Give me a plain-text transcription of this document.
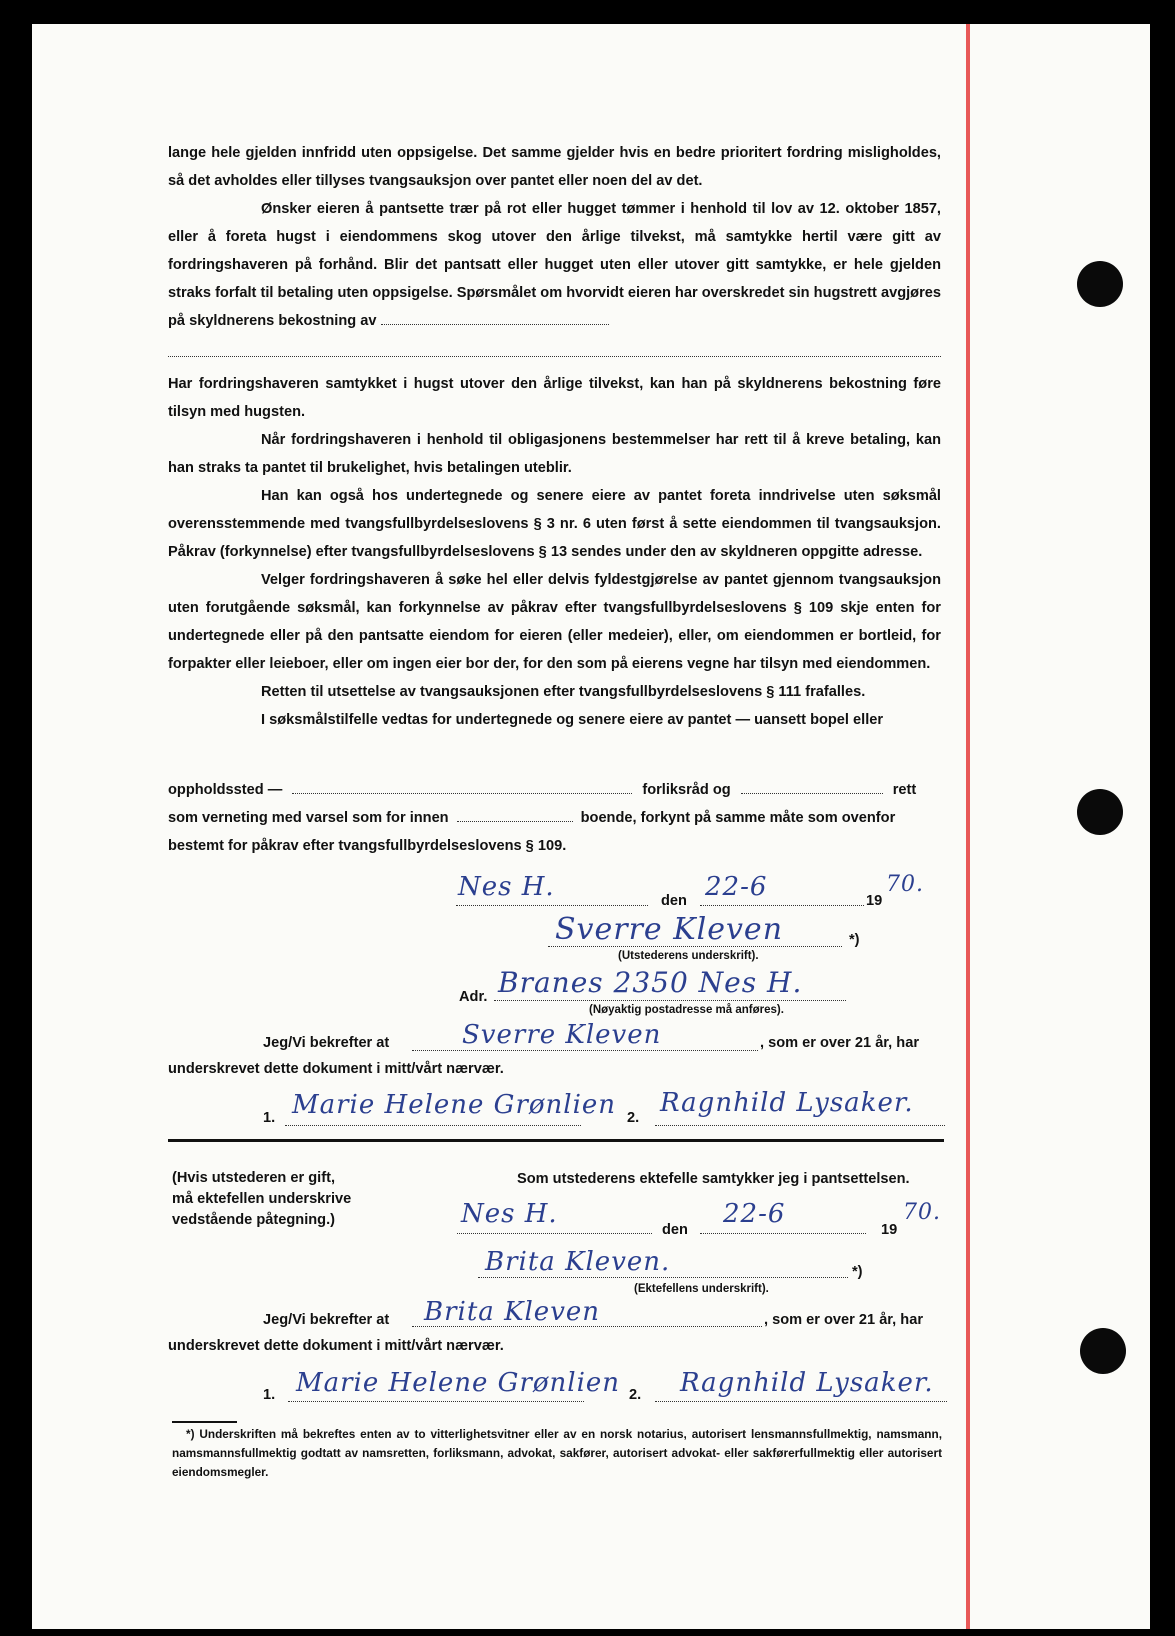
lange hele gjelden innfridd uten oppsigelse. Det samme gjelder hvis en bedre prioritert fordring misligholdes, så det avholdes eller tillyses tvangsauksjon over pantet eller noen del av det.

Ønsker eieren å pantsette trær på rot eller hugget tømmer i henhold til lov av 12. oktober 1857, eller å foreta hugst i eiendommens skog utover den årlige tilvekst, må samtykke hertil være gitt av fordringshaveren på forhånd. Blir det pantsatt eller hugget uten eller utover gitt samtykke, er hele gjelden straks forfalt til betaling uten oppsigelse. Spørsmålet om hvorvidt eieren har overskredet sin hugstrett avgjøres på skyldnerens bekostning av

Har fordringshaveren samtykket i hugst utover den årlige tilvekst, kan han på skyldnerens bekostning føre tilsyn med hugsten.

Når fordringshaveren i henhold til obligasjonens bestemmelser har rett til å kreve betaling, kan han straks ta pantet til brukelighet, hvis betalingen uteblir.

Han kan også hos undertegnede og senere eiere av pantet foreta inndrivelse uten søksmål overensstemmende med tvangsfullbyrdelseslovens § 3 nr. 6 uten først å sette eiendommen til tvangsauksjon. Påkrav (forkynnelse) efter tvangsfullbyrdelseslovens § 13 sendes under den av skyldneren oppgitte adresse.

Velger fordringshaveren å søke hel eller delvis fyldestgjørelse av pantet gjennom tvangsauksjon uten forutgående søksmål, kan forkynnelse av påkrav efter tvangsfullbyrdelseslovens § 109 skje enten for undertegnede eller på den pantsatte eiendom for eieren (eller medeier), eller, om eiendommen er bortleid, for forpakter eller leieboer, eller om ingen eier bor der, for den som på eierens vegne har tilsyn med eiendommen.

Retten til utsettelse av tvangsauksjonen efter tvangsfullbyrdelseslovens § 111 frafalles.

I søksmålstilfelle vedtas for undertegnede og senere eiere av pantet — uansett bopel eller

oppholdssted —	forliksråd og	rett
som verneting med varsel som for innen	boende, forkynt på samme måte som ovenfor
bestemt for påkrav efter tvangsfullbyrdelseslovens § 109.
Nes H.	den 22-6	19
70.
Sverre Kleven	*)
(Utstederens underskrift).
Adr. Branes 2350 Nes H.
(Nøyaktig postadresse må anføres).
Jeg/Vi bekrefter at	Sverre Kleven	, som er over 21 år, har
underskrevet dette dokument i mitt/vårt nærvær.
1. Marie Helene Grønlien 2. Ragnhild Lysaker.
(Hvis utstederen er gift,
må ektefellen underskrive
vedstående påtegning.)
Som utstederens ektefelle samtykker jeg i pantsettelsen.
Nes H.
den
22-6
19
70.
Brita Kleven.	*)
(Ektefellens underskrift).
Jeg/Vi bekrefter at Brita Kleven	, som er over 21 år, har
underskrevet dette dokument i mitt/vårt nærvær.
1. Marie Helene Grønlien 2. Ragnhild Lysaker.
*) Underskriften må bekreftes enten av to vitterlighetsvitner eller av en norsk notarius, autorisert lensmannsfullmektig, namsmann, namsmannsfullmektig godtatt av namsretten, forliksmann, advokat, sakfører, autorisert advokat- eller sakførerfullmektig eller autorisert eiendomsmegler.
